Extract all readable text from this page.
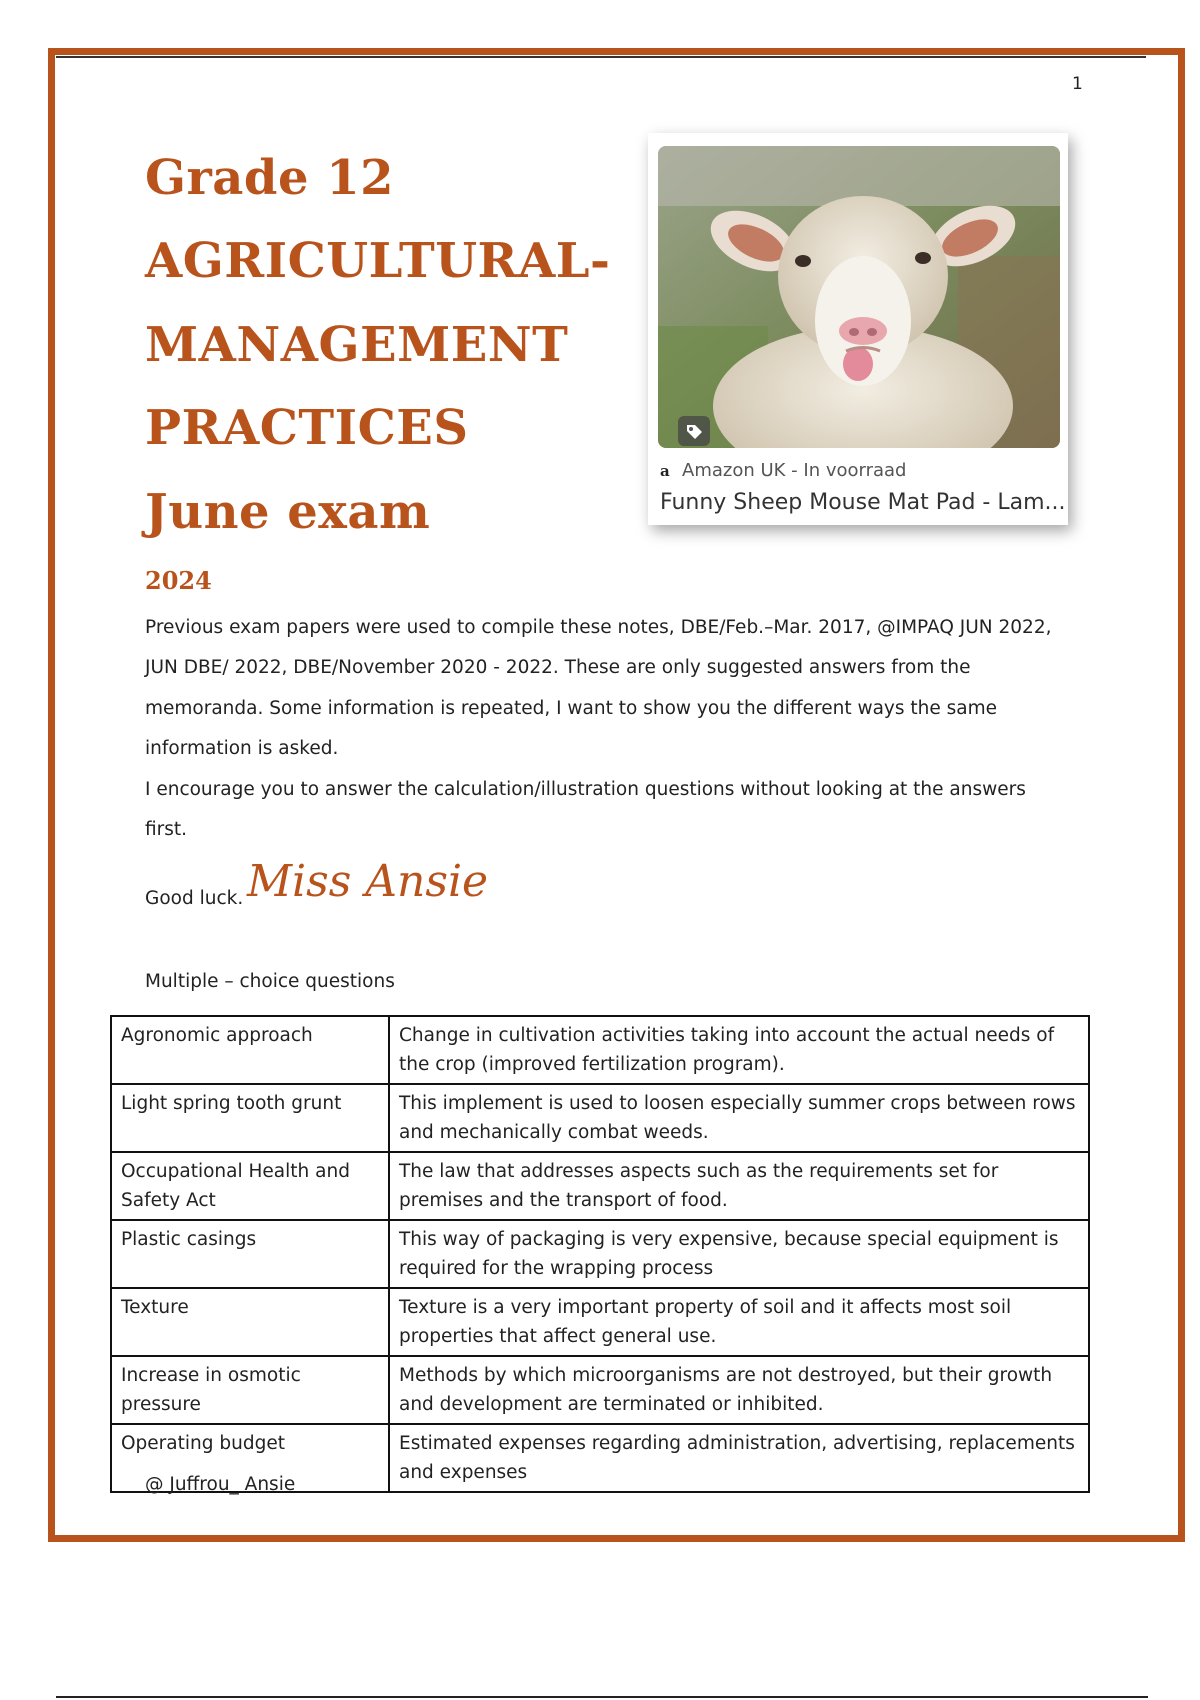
1
Grade 12
AGRICULTURAL-
MANAGEMENT
PRACTICES
June exam
2024
a Amazon UK - In voorraad
Funny Sheep Mouse Mat Pad - Lam...
Previous exam papers were used to compile these notes, DBE/Feb.–Mar. 2017, @IMPAQ JUN 2022,
JUN DBE/ 2022, DBE/November 2020 - 2022. These are only suggested answers from the
memoranda. Some information is repeated, I want to show you the different ways the same
information is asked.
I encourage you to answer the calculation/illustration questions without looking at the answers
first.
Good luck. Miss Ansie
Multiple – choice questions
Agronomic approach	Change in cultivation activities taking into account the actual needs of the crop (improved fertilization program).
Light spring tooth grunt	This implement is used to loosen especially summer crops between rows and mechanically combat weeds.
Occupational Health and Safety Act	The law that addresses aspects such as the requirements set for premises and the transport of food.
Plastic casings	This way of packaging is very expensive, because special equipment is required for the wrapping process
Texture	Texture is a very important property of soil and it affects most soil properties that affect general use.
Increase in osmotic pressure	Methods by which microorganisms are not destroyed, but their growth and development are terminated or inhibited.
Operating budget	Estimated expenses regarding administration, advertising, replacements and expenses
@ Juffrou_ Ansie
